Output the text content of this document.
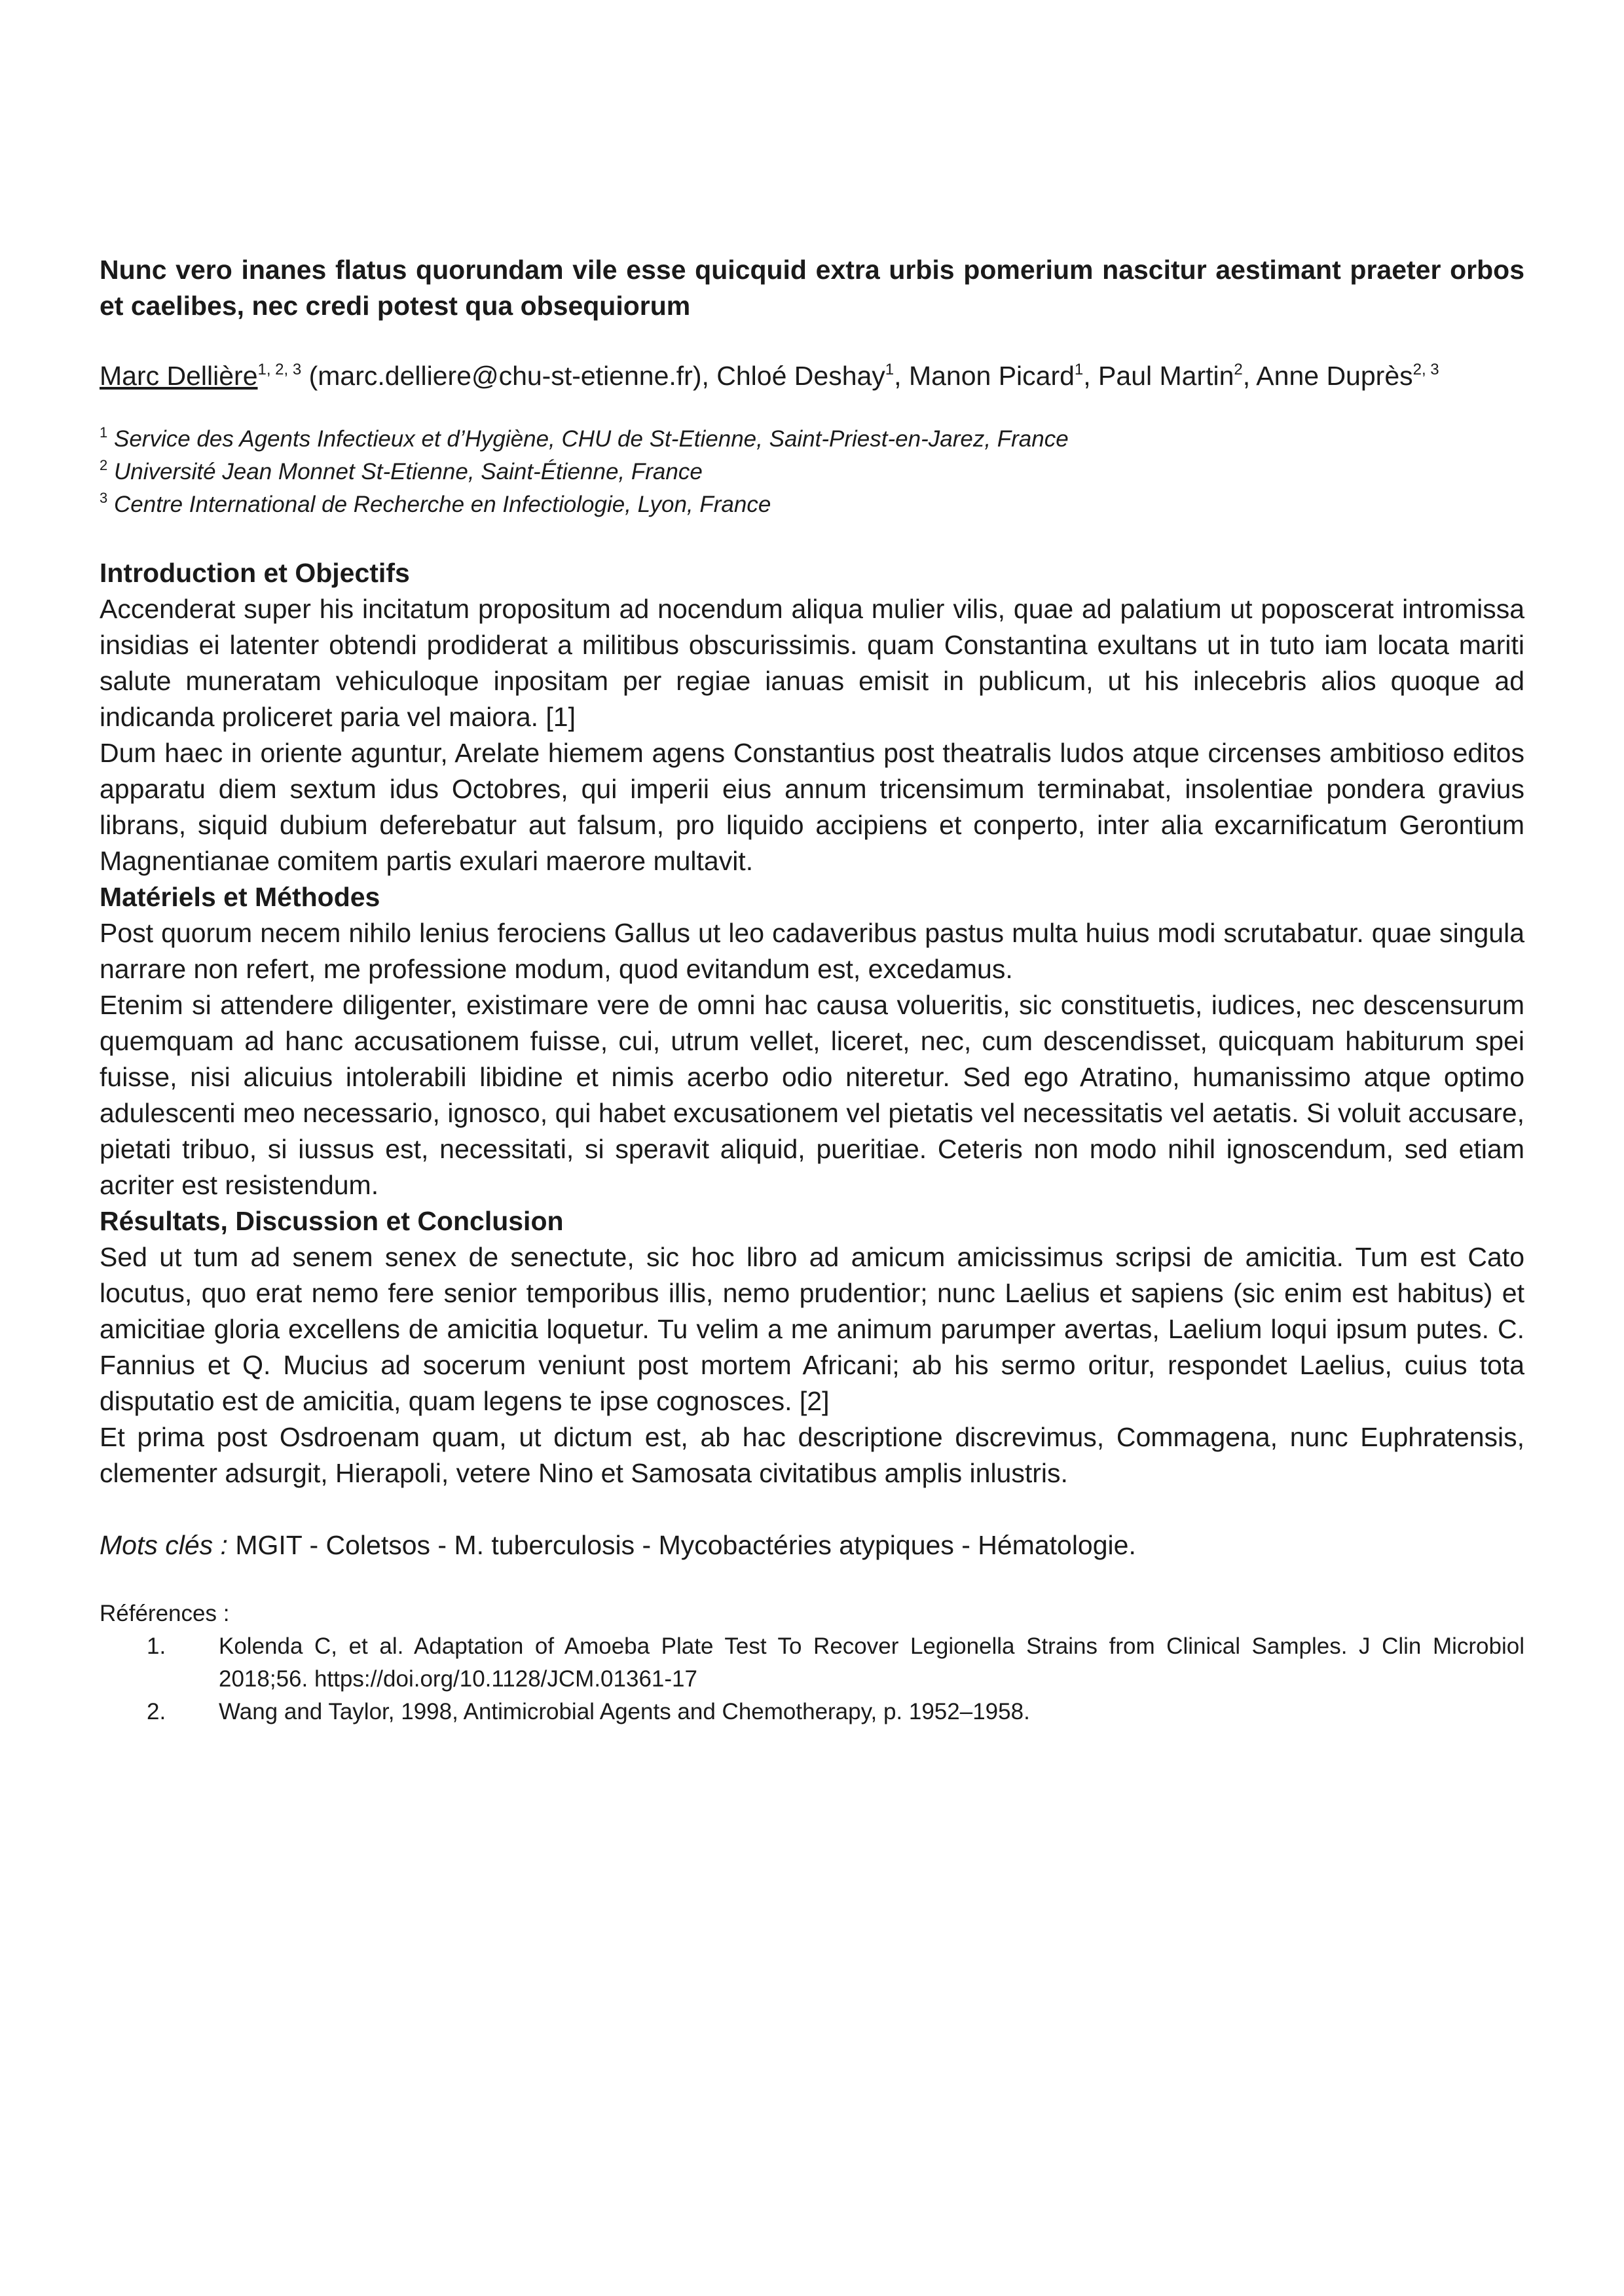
Nunc vero inanes flatus quorundam vile esse quicquid extra urbis pomerium nascitur aestimant praeter orbos et caelibes, nec credi potest qua obsequiorum

Marc Dellière$^{1, 2, 3}$ (marc.delliere@chu-st-etienne.fr), Chloé Deshay$^1$, Manon Picard$^1$, Paul Martin$^2$, Anne Duprès$^{2, 3}$
$^1$ Service des Agents Infectieux et d’Hygiène, CHU de St-Etienne, Saint-Priest-en-Jarez, France
$^2$ Université Jean Monnet St-Etienne, Saint-Étienne, France
$^3$ Centre International de Recherche en Infectiologie, Lyon, France
Introduction et Objectifs

Accenderat super his incitatum propositum ad nocendum aliqua mulier vilis, quae ad palatium ut poposcerat intromissa insidias ei latenter obtendi prodiderat a militibus obscurissimis. quam Constantina exultans ut in tuto iam locata mariti salute muneratam vehiculoque inpositam per regiae ianuas emisit in publicum, ut his inlecebris alios quoque ad indicanda proliceret paria vel maiora. [1]

Dum haec in oriente aguntur, Arelate hiemem agens Constantius post theatralis ludos atque circenses ambitioso editos apparatu diem sextum idus Octobres, qui imperii eius annum tricensimum terminabat, insolentiae pondera gravius librans, siquid dubium deferebatur aut falsum, pro liquido accipiens et conperto, inter alia excarnificatum Gerontium Magnentianae comitem partis exulari maerore multavit.

Matériels et Méthodes

Post quorum necem nihilo lenius ferociens Gallus ut leo cadaveribus pastus multa huius modi scrutabatur. quae singula narrare non refert, me professione modum, quod evitandum est, excedamus.

Etenim si attendere diligenter, existimare vere de omni hac causa volueritis, sic constituetis, iudices, nec descensurum quemquam ad hanc accusationem fuisse, cui, utrum vellet, liceret, nec, cum descendisset, quicquam habiturum spei fuisse, nisi alicuius intolerabili libidine et nimis acerbo odio niteretur. Sed ego Atratino, humanissimo atque optimo adulescenti meo necessario, ignosco, qui habet excusationem vel pietatis vel necessitatis vel aetatis. Si voluit accusare, pietati tribuo, si iussus est, necessitati, si speravit aliquid, pueritiae. Ceteris non modo nihil ignoscendum, sed etiam acriter est resistendum.

Résultats, Discussion et Conclusion

Sed ut tum ad senem senex de senectute, sic hoc libro ad amicum amicissimus scripsi de amicitia. Tum est Cato locutus, quo erat nemo fere senior temporibus illis, nemo prudentior; nunc Laelius et sapiens (sic enim est habitus) et amicitiae gloria excellens de amicitia loquetur. Tu velim a me animum parumper avertas, Laelium loqui ipsum putes. C. Fannius et Q. Mucius ad socerum veniunt post mortem Africani; ab his sermo oritur, respondet Laelius, cuius tota disputatio est de amicitia, quam legens te ipse cognosces. [2]

Et prima post Osdroenam quam, ut dictum est, ab hac descriptione discrevimus, Commagena, nunc Euphratensis, clementer adsurgit, Hierapoli, vetere Nino et Samosata civitatibus amplis inlustris.

Mots clés : MGIT - Coletsos - M. tuberculosis - Mycobactéries atypiques - Hématologie.
Références :
1.	Kolenda C, et al. Adaptation of Amoeba Plate Test To Recover Legionella Strains from Clinical Samples. J Clin Microbiol 2018;56. https://doi.org/10.1128/JCM.01361-17
2.	Wang and Taylor, 1998, Antimicrobial Agents and Chemotherapy, p. 1952–1958.
